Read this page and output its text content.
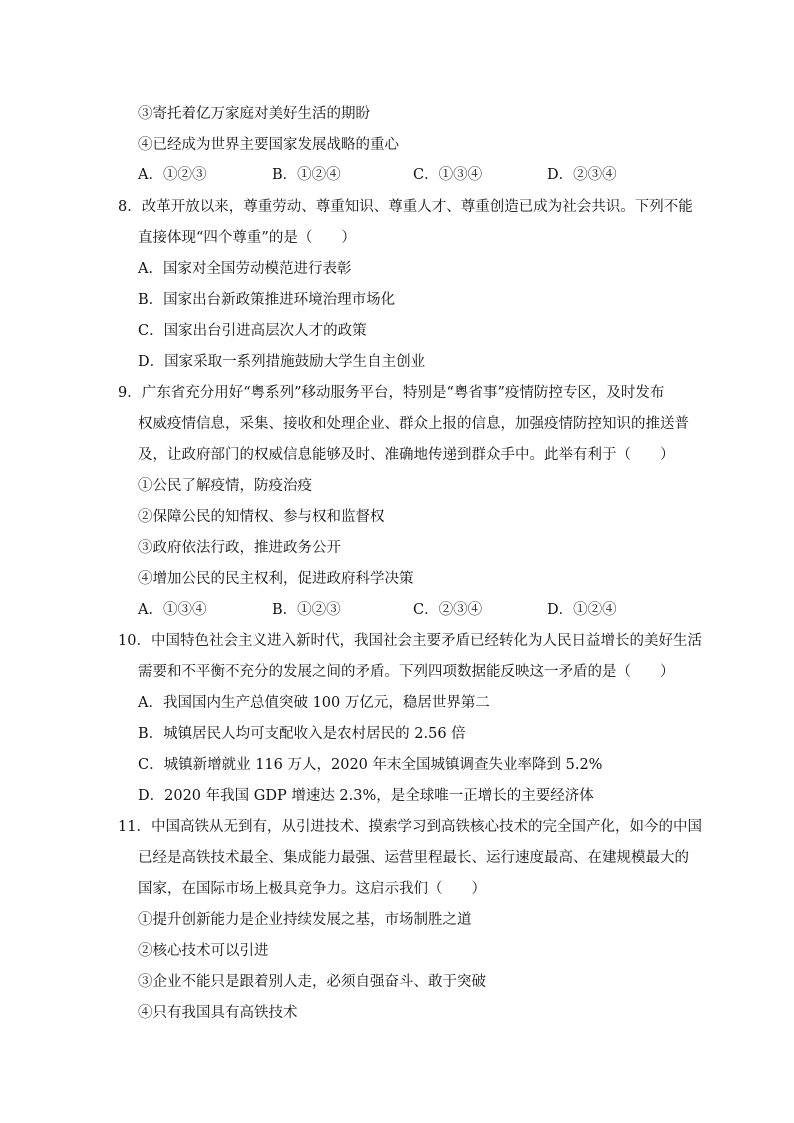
③寄托着亿万家庭对美好生活的期盼
④已经成为世界主要国家发展战略的重心
A．①②③	B．①②④	C．①③④	D．②③④
8．改革开放以来，尊重劳动、尊重知识、尊重人才、尊重创造已成为社会共识。下列不能
直接体现“四个尊重”的是（　　）
A．国家对全国劳动模范进行表彰
B．国家出台新政策推进环境治理市场化
C．国家出台引进高层次人才的政策
D．国家采取一系列措施鼓励大学生自主创业
9．广东省充分用好“粤系列”移动服务平台，特别是“粤省事”疫情防控专区，及时发布
权威疫情信息，采集、接收和处理企业、群众上报的信息，加强疫情防控知识的推送普
及，让政府部门的权威信息能够及时、准确地传递到群众手中。此举有利于（　　）
①公民了解疫情，防疫治疫
②保障公民的知情权、参与权和监督权
③政府依法行政，推进政务公开
④增加公民的民主权利，促进政府科学决策
A．①③④	B．①②③	C．②③④	D．①②④
10．中国特色社会主义进入新时代，我国社会主要矛盾已经转化为人民日益增长的美好生活
需要和不平衡不充分的发展之间的矛盾。下列四项数据能反映这一矛盾的是（　　）
A．我国国内生产总值突破 100 万亿元，稳居世界第二
B．城镇居民人均可支配收入是农村居民的 2.56 倍
C．城镇新增就业 116 万人，2020 年末全国城镇调查失业率降到 5.2%
D．2020 年我国 GDP 增速达 2.3%，是全球唯一正增长的主要经济体
11．中国高铁从无到有，从引进技术、摸索学习到高铁核心技术的完全国产化，如今的中国
已经是高铁技术最全、集成能力最强、运营里程最长、运行速度最高、在建规模最大的
国家，在国际市场上极具竞争力。这启示我们（　　）
①提升创新能力是企业持续发展之基，市场制胜之道
②核心技术可以引进
③企业不能只是跟着别人走，必须自强奋斗、敢于突破
④只有我国具有高铁技术
